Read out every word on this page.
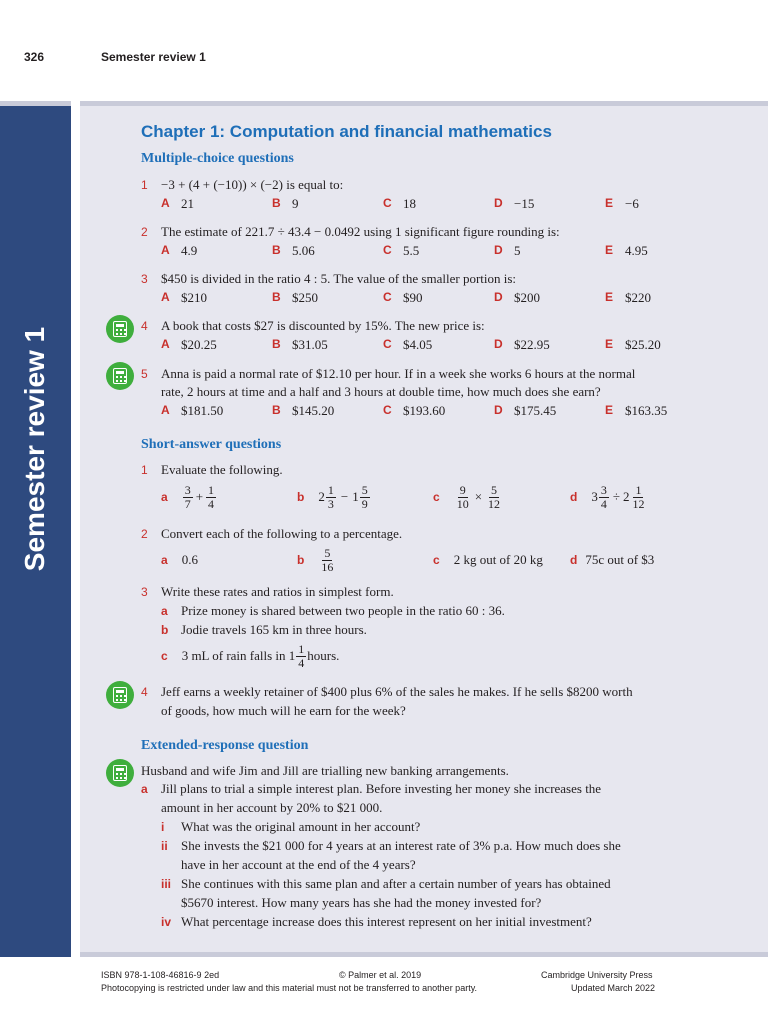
326	Semester review 1
Semester review 1
Chapter 1: Computation and financial mathematics
Multiple-choice questions
1 −3 + (4 + (−10)) × (−2) is equal to:
A 21	B 9	C 18	D −15	E −6
2 The estimate of 221.7 ÷ 43.4 − 0.0492 using 1 significant figure rounding is:
A 4.9	B 5.06	C 5.5	D 5	E 4.95
3 $450 is divided in the ratio 4 : 5. The value of the smaller portion is:
A $210	B $250	C $90	D $200	E $220
4 A book that costs $27 is discounted by 15%. The new price is:
A $20.25	B $31.05	C $4.05	D $22.95	E $25.20
5 Anna is paid a normal rate of $12.10 per hour. If in a week she works 6 hours at the normal
rate, 2 hours at time and a half and 3 hours at double time, how much does she earn?
A $181.50	B $145.20	C $193.60	D $175.45	E $163.35
Short-answer questions
1 Evaluate the following.
a $\frac{3}{7} + \frac{1}{4}$	b $2 \frac{1}{3} - 1 \frac{5}{9}$	c $\frac{9}{10} \times \frac{5}{12}$	d $3 \frac{3}{4} \div 2 \frac{1}{12}$
2 Convert each of the following to a percentage.
a 0.6	b $\frac{5}{16}$	c 2 kg out of 20 kg d 75c out of $3
3 Write these rates and ratios in simplest form.
a Prize money is shared between two people in the ratio 60 : 36.
b Jodie travels 165 km in three hours.
c 3 mL of rain falls in $1 \frac{1}{4}$ hours.
4 Jeff earns a weekly retainer of $400 plus 6% of the sales he makes. If he sells $8200 worth
of goods, how much will he earn for the week?
Extended-response question
Husband and wife Jim and Jill are trialling new banking arrangements.
a Jill plans to trial a simple interest plan. Before investing her money she increases the
amount in her account by 20% to $21 000.
i What was the original amount in her account?
ii She invests the $21 000 for 4 years at an interest rate of 3% p.a. How much does she
have in her account at the end of the 4 years?
iii She continues with this same plan and after a certain number of years has obtained
$5670 interest. How many years has she had the money invested for?
iv What percentage increase does this interest represent on her initial investment?
ISBN 978-1-108-46816-9 2ed	© Palmer et al. 2019	Cambridge University Press
Photocopying is restricted under law and this material must not be transferred to another party.	Updated March 2022
